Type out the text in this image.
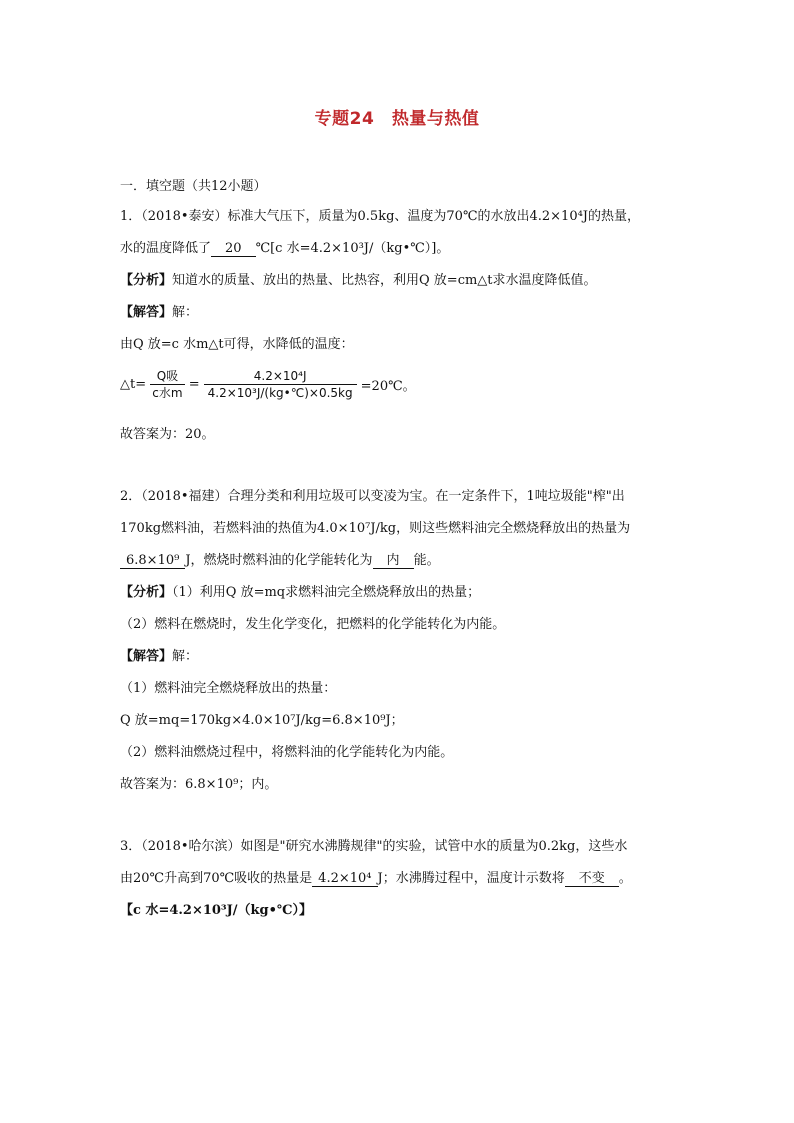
专题24　热量与热值
一．填空题（共12小题）
1．（2018•泰安）标准大气压下，质量为0.5kg、温度为70℃的水放出4.2×10⁴J的热量，
水的温度降低了 20 ℃[c 水=4.2×10³J/（kg•℃）]。
【分析】知道水的质量、放出的热量、比热容，利用Q 放=cm△t求水温度降低值。
【解答】解：
由Q 放=c 水m△t可得，水降低的温度：
△t= $\frac{\text{Q吸}}{\text{c水m}} = \frac{\text{4.2×10⁴J}}{\text{4.2×10³J/(kg•℃)×0.5kg}}$ =20℃。
故答案为：20。
2．（2018•福建）合理分类和利用垃圾可以变凌为宝。在一定条件下，1吨垃圾能"榨"出
170kg燃料油，若燃料油的热值为4.0×10⁷J/kg，则这些燃料油完全燃烧释放出的热量为
6.8×10⁹ J，燃烧时燃料油的化学能转化为 内 能。
【分析】（1）利用Q 放=mq求燃料油完全燃烧释放出的热量；
（2）燃料在燃烧时，发生化学变化，把燃料的化学能转化为内能。
【解答】解：
（1）燃料油完全燃烧释放出的热量：
Q 放=mq=170kg×4.0×10⁷J/kg=6.8×10⁹J；
（2）燃料油燃烧过程中，将燃料油的化学能转化为内能。
故答案为：6.8×10⁹；内。
3．（2018•哈尔滨）如图是"研究水沸腾规律"的实验，试管中水的质量为0.2kg，这些水
由20℃升高到70℃吸收的热量是 4.2×10⁴ J；水沸腾过程中，温度计示数将 不变 。
【c 水=4.2×10³J/（kg•℃）】
